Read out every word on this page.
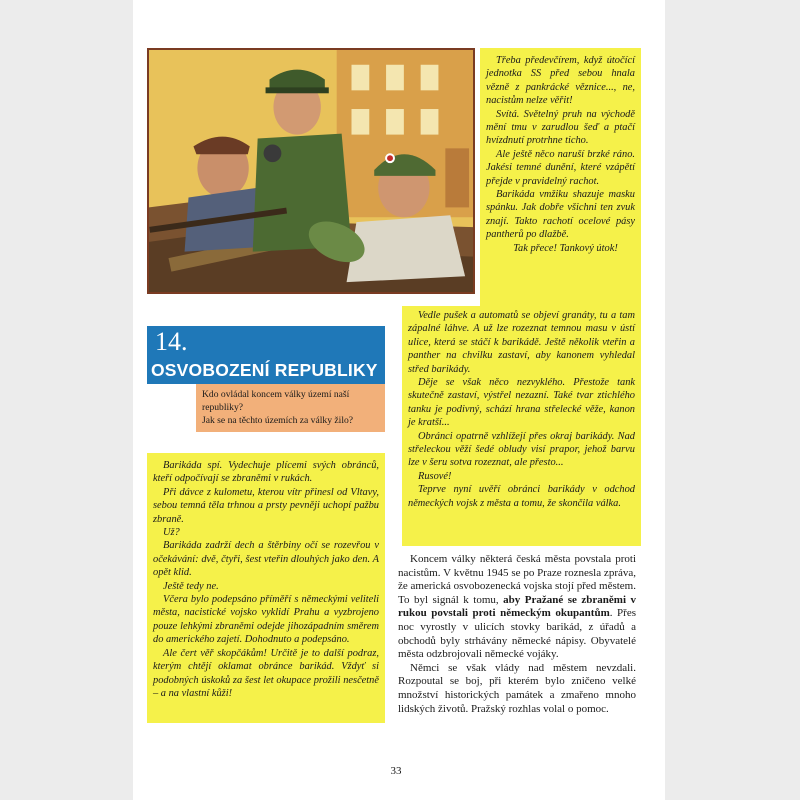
Třeba předevčírem, když útočící jednotka SS před sebou hnala vězně z pankrácké věznice..., ne, nacistům nelze věřit!

Svítá. Světelný pruh na východě mění tmu v zarudlou šeď a ptačí hvízdnutí protrhne ticho.

Ale ještě něco naruší brzké ráno. Jakési temné dunění, které vzápětí přejde v pravidelný rachot.

Barikáda vmžiku shazuje masku spánku. Jak dobře všichni ten zvuk znají. Takto rachotí ocelové pásy pantherů po dlažbě.

Tak přece! Tankový útok!

Vedle pušek a automatů se objeví granáty, tu a tam zápalné láhve. A už lze rozeznat temnou masu v ústí ulice, která se stáčí k barikádě. Ještě několik vteřin a panther na chvilku zastaví, aby kanonem vyhledal střed barikády.

Děje se však něco nezvyklého. Přestože tank skutečně zastaví, výstřel nezazní. Také tvar ztichlého tanku je podivný, schází hrana střelecké věže, kanon je kratší...

Obránci opatrně vzhlížejí přes okraj barikády. Nad střeleckou věží šedé obludy visí prapor, jehož barvu lze v šeru sotva rozeznat, ale přesto...

Rusové!

Teprve nyní uvěří obránci barikády v odchod německých vojsk z města a tomu, že skončila válka.

14.
OSVOBOZENÍ REPUBLIKY
Kdo ovládal koncem války území naší
republiky?
Jak se na těchto územích za války žilo?

Barikáda spí. Vydechuje plícemi svých obránců, kteří odpočívají se zbraněmi v rukách.

Při dávce z kulometu, kterou vítr přinesl od Vltavy, sebou temná těla trhnou a prsty pevněji uchopí pažbu zbraně.

Už?

Barikáda zadrží dech a štěrbiny očí se rozevřou v očekávání: dvě, čtyři, šest vteřin dlouhých jako den. A opět klid.

Ještě tedy ne.

Včera bylo podepsáno příměří s německými veliteli města, nacistické vojsko vyklidí Prahu a vyzbrojeno pouze lehkými zbraněmi odejde jihozápadním směrem do amerického zajetí. Dohodnuto a podepsáno.

Ale čert věř skopčákům! Určitě je to další podraz, kterým chtějí oklamat obránce barikád. Vždyť si podobných úskoků za šest let okupace prožili nesčetně – a na vlastní kůži!

Koncem války některá česká města povstala proti nacistům. V květnu 1945 se po Praze roznesla zpráva, že americká osvobozenecká vojska stojí před městem. To byl signál k tomu, aby Pražané se zbraněmi v rukou povstali proti německým okupantům. Přes noc vyrostly v ulicích stovky barikád, z úřadů a obchodů byly strhávány německé nápisy. Obyvatelé města odzbrojovali německé vojáky.

Němci se však vlády nad městem nevzdali. Rozpoutal se boj, při kterém bylo zničeno velké množství historických památek a zmařeno mnoho lidských životů. Pražský rozhlas volal o pomoc.

33
